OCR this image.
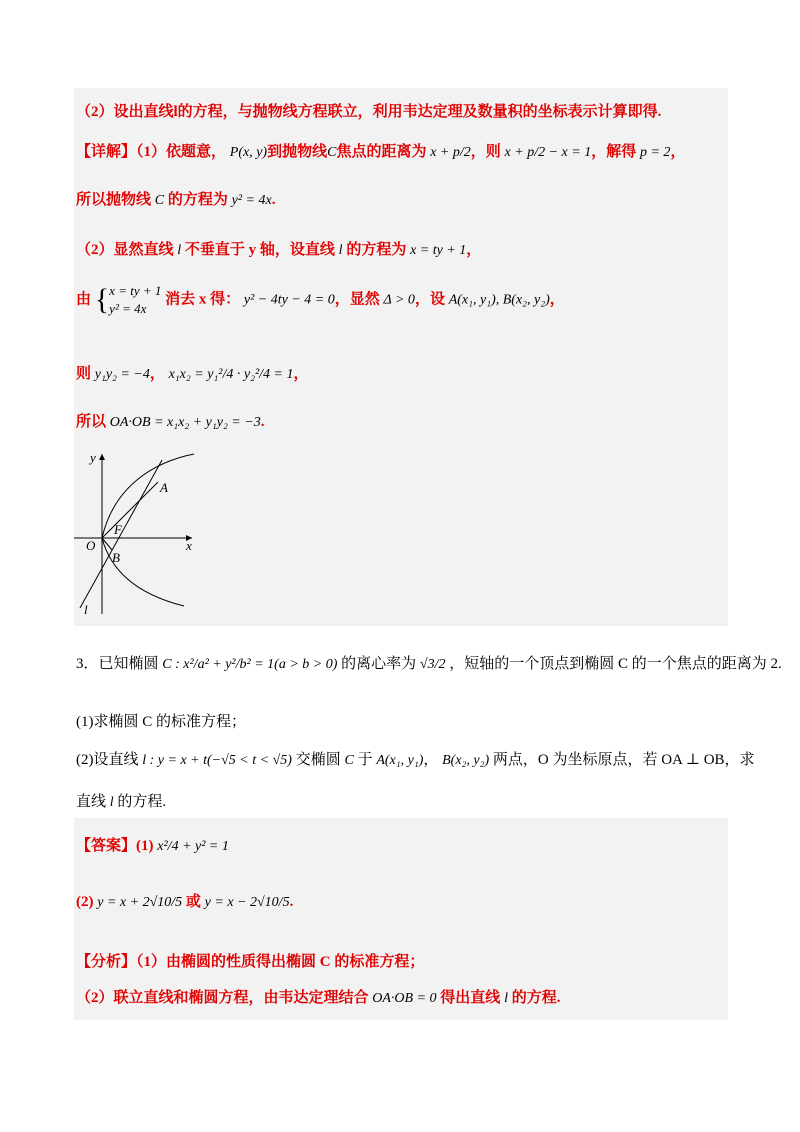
（2）设出直线l的方程，与抛物线方程联立，利用韦达定理及数量积的坐标表示计算即得.
【详解】（1）依题意， P(x, y)到抛物线C焦点的距离为 x + p/2，则 x + p/2 − x = 1，解得 p = 2，
所以抛物线 C 的方程为 y² = 4x.
（2）显然直线 l 不垂直于 y 轴，设直线 l 的方程为 x = ty + 1，
由 {x = ty + 1
y² = 4x 消去 x 得： y² − 4ty − 4 = 0，显然 Δ > 0，设 A(x₁, y₁), B(x₂, y₂)，
则 y₁y₂ = −4， x₁x₂ = y₁²/4 · y₂²/4 = 1，
所以 OA·OB = x₁x₂ + y₁y₂ = −3.
y
x
O
A
B
F
l
3．已知椭圆 C : x²/a² + y²/b² = 1(a > b > 0) 的离心率为 √3/2 ，短轴的一个顶点到椭圆 C 的一个焦点的距离为 2.
(1)求椭圆 C 的标准方程；
(2)设直线 l : y = x + t(−√5 < t < √5) 交椭圆 C 于 A(x₁, y₁)， B(x₂, y₂) 两点，O 为坐标原点，若 OA ⊥ OB，求
直线 l 的方程.
【答案】(1) x²/4 + y² = 1
(2) y = x + 2√10/5 或 y = x − 2√10/5.
【分析】（1）由椭圆的性质得出椭圆 C 的标准方程；
（2）联立直线和椭圆方程，由韦达定理结合 OA·OB = 0 得出直线 l 的方程.
